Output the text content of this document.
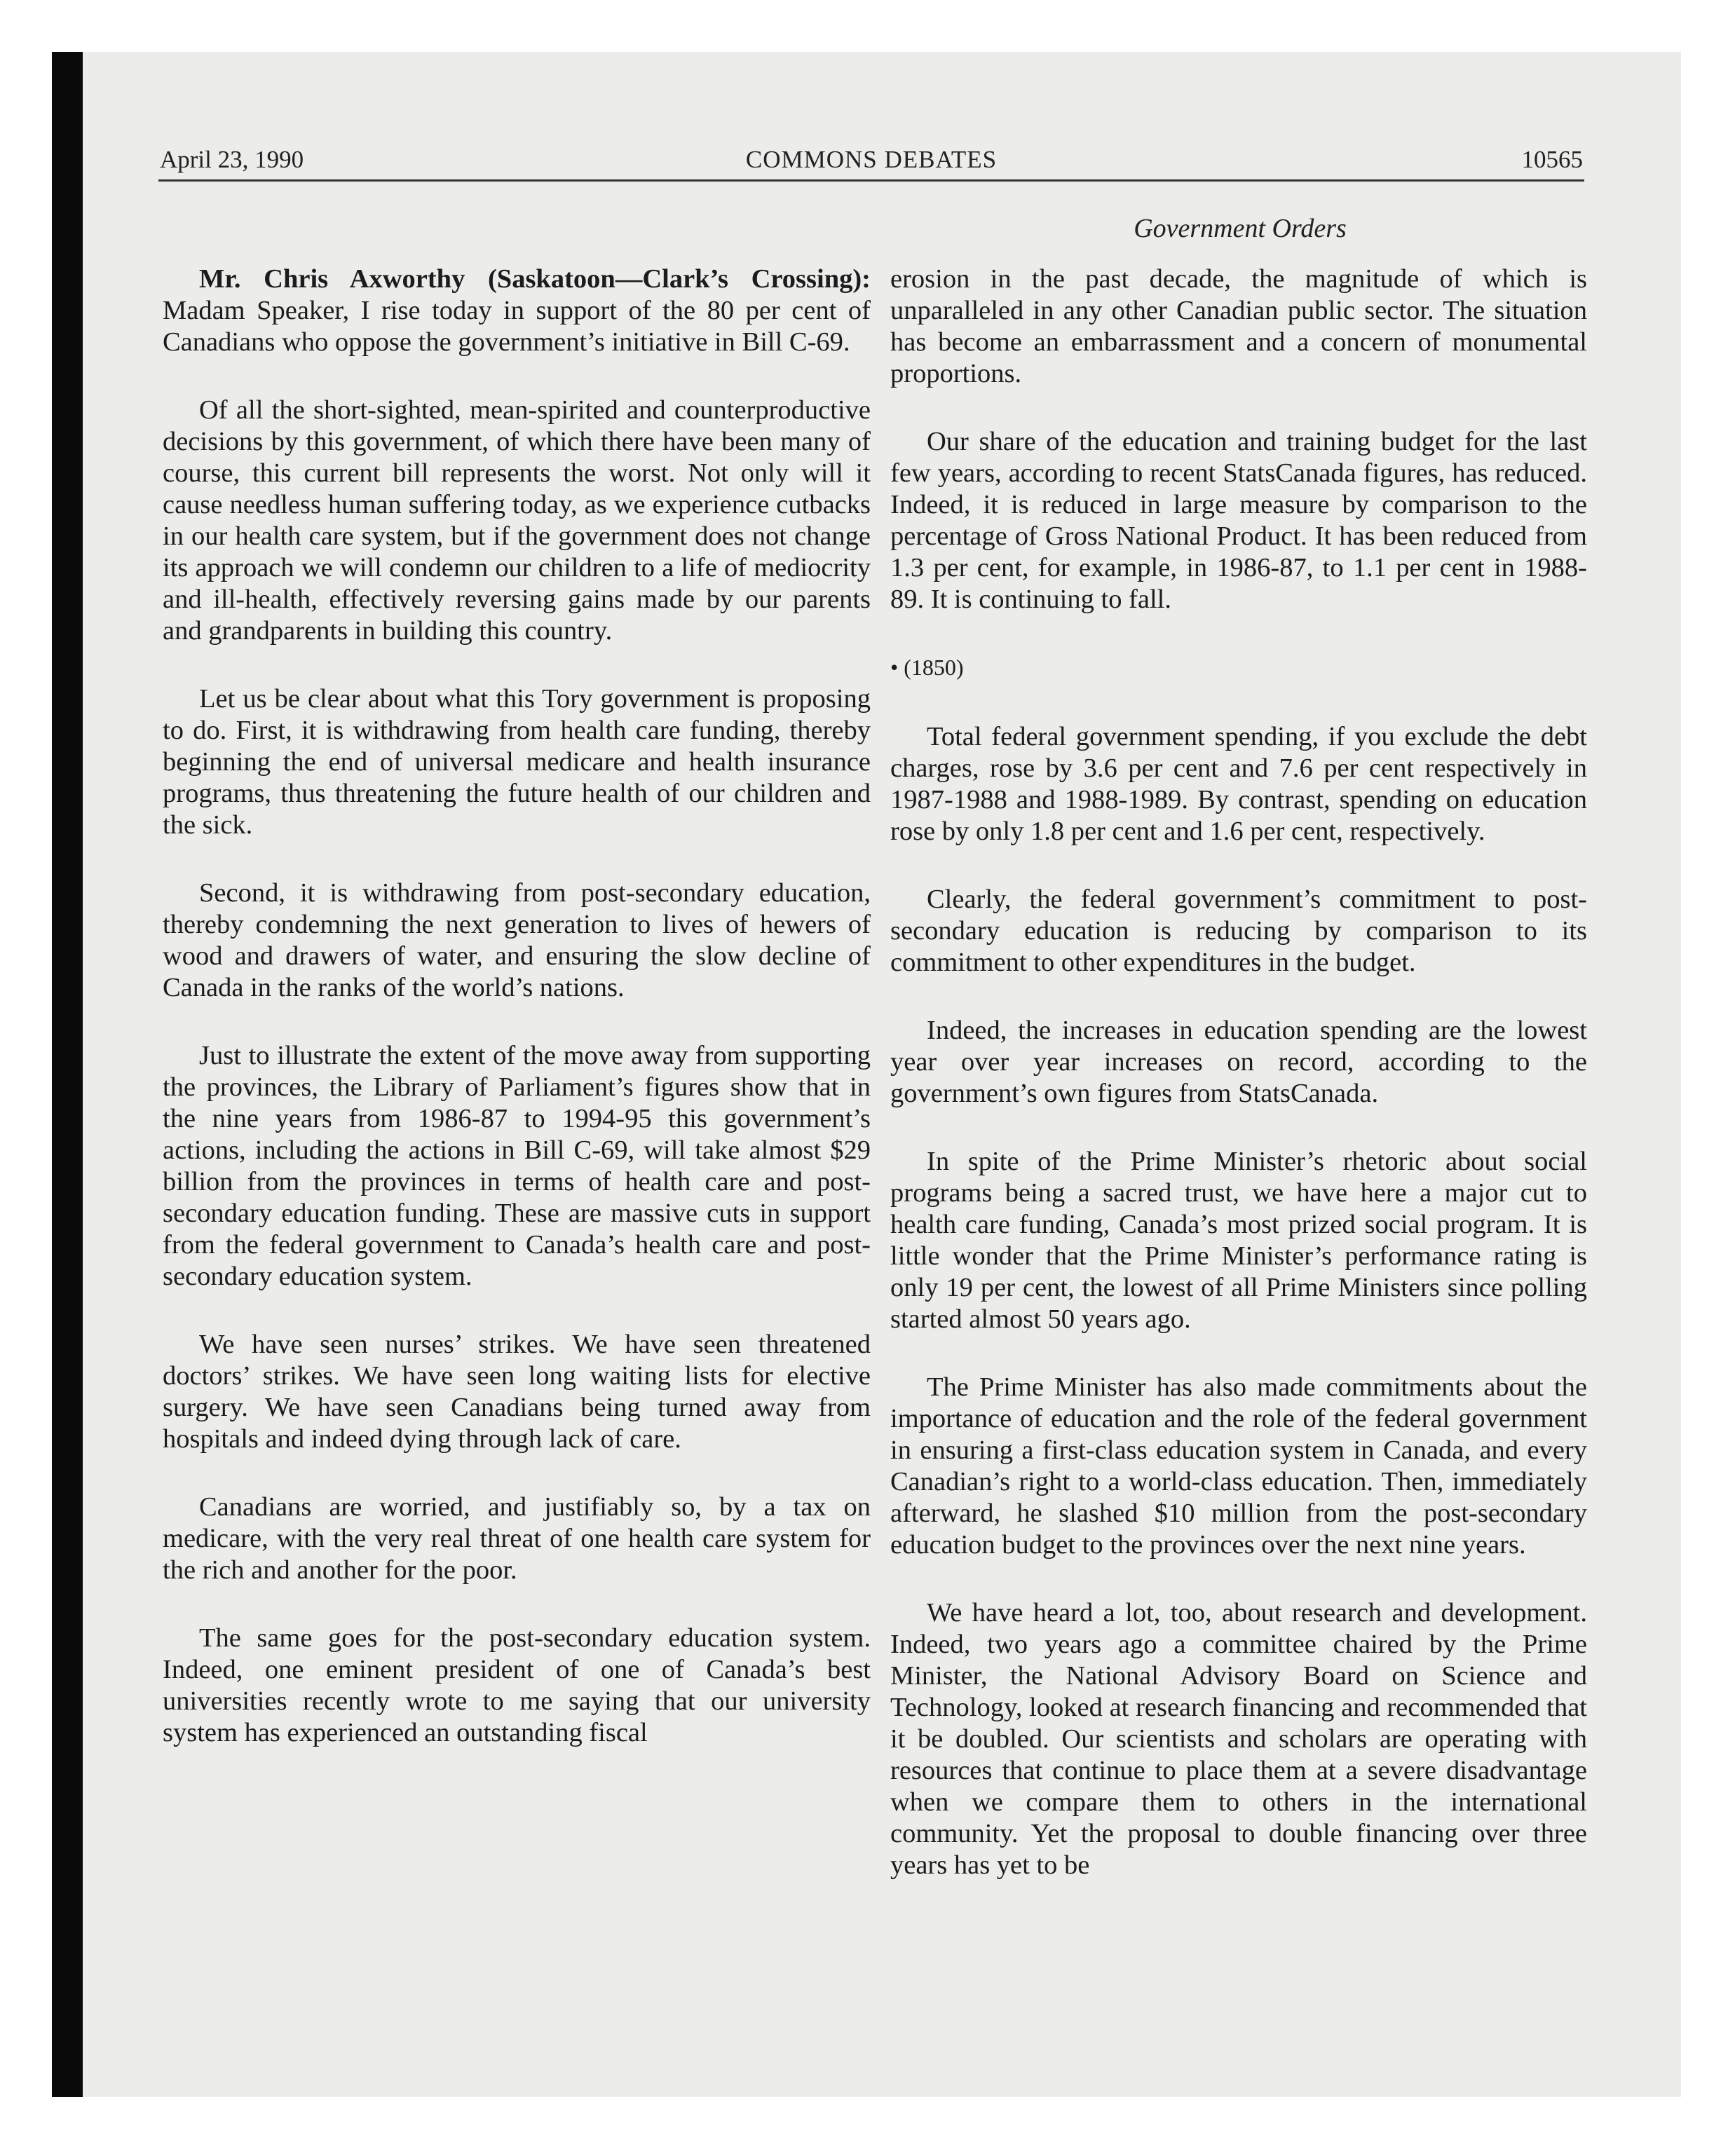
April 23, 1990	COMMONS DEBATES	10565
Government Orders

Mr. Chris Axworthy (Saskatoon—Clark’s Crossing): Madam Speaker, I rise today in support of the 80 per cent of Canadians who oppose the government’s initiative in Bill C-69.

Of all the short-sighted, mean-spirited and counterproductive decisions by this government, of which there have been many of course, this current bill represents the worst. Not only will it cause needless human suffering today, as we experience cutbacks in our health care system, but if the government does not change its approach we will condemn our children to a life of mediocrity and ill-health, effectively reversing gains made by our parents and grandparents in building this country.

Let us be clear about what this Tory government is proposing to do. First, it is withdrawing from health care funding, thereby beginning the end of universal medicare and health insurance programs, thus threatening the future health of our children and the sick.

Second, it is withdrawing from post-secondary education, thereby condemning the next generation to lives of hewers of wood and drawers of water, and ensuring the slow decline of Canada in the ranks of the world’s nations.

Just to illustrate the extent of the move away from supporting the provinces, the Library of Parliament’s figures show that in the nine years from 1986-87 to 1994-95 this government’s actions, including the actions in Bill C-69, will take almost $29 billion from the provinces in terms of health care and post-secondary education funding. These are massive cuts in support from the federal government to Canada’s health care and post-secondary education system.

We have seen nurses’ strikes. We have seen threatened doctors’ strikes. We have seen long waiting lists for elective surgery. We have seen Canadians being turned away from hospitals and indeed dying through lack of care.

Canadians are worried, and justifiably so, by a tax on medicare, with the very real threat of one health care system for the rich and another for the poor.

The same goes for the post-secondary education system. Indeed, one eminent president of one of Canada’s best universities recently wrote to me saying that our university system has experienced an outstanding fiscal

erosion in the past decade, the magnitude of which is unparalleled in any other Canadian public sector. The situation has become an embarrassment and a concern of monumental proportions.

Our share of the education and training budget for the last few years, according to recent StatsCanada figures, has reduced. Indeed, it is reduced in large measure by comparison to the percentage of Gross National Product. It has been reduced from 1.3 per cent, for example, in 1986-87, to 1.1 per cent in 1988-89. It is continuing to fall.

• (1850)

Total federal government spending, if you exclude the debt charges, rose by 3.6 per cent and 7.6 per cent respectively in 1987-1988 and 1988-1989. By contrast, spending on education rose by only 1.8 per cent and 1.6 per cent, respectively.

Clearly, the federal government’s commitment to post-secondary education is reducing by comparison to its commitment to other expenditures in the budget.

Indeed, the increases in education spending are the lowest year over year increases on record, according to the government’s own figures from StatsCanada.

In spite of the Prime Minister’s rhetoric about social programs being a sacred trust, we have here a major cut to health care funding, Canada’s most prized social program. It is little wonder that the Prime Minister’s performance rating is only 19 per cent, the lowest of all Prime Ministers since polling started almost 50 years ago.

The Prime Minister has also made commitments about the importance of education and the role of the federal government in ensuring a first-class education system in Canada, and every Canadian’s right to a world-class education. Then, immediately afterward, he slashed $10 million from the post-secondary education budget to the provinces over the next nine years.

We have heard a lot, too, about research and development. Indeed, two years ago a committee chaired by the Prime Minister, the National Advisory Board on Science and Technology, looked at research financing and recommended that it be doubled. Our scientists and scholars are operating with resources that continue to place them at a severe disadvantage when we compare them to others in the international community. Yet the proposal to double financing over three years has yet to be
